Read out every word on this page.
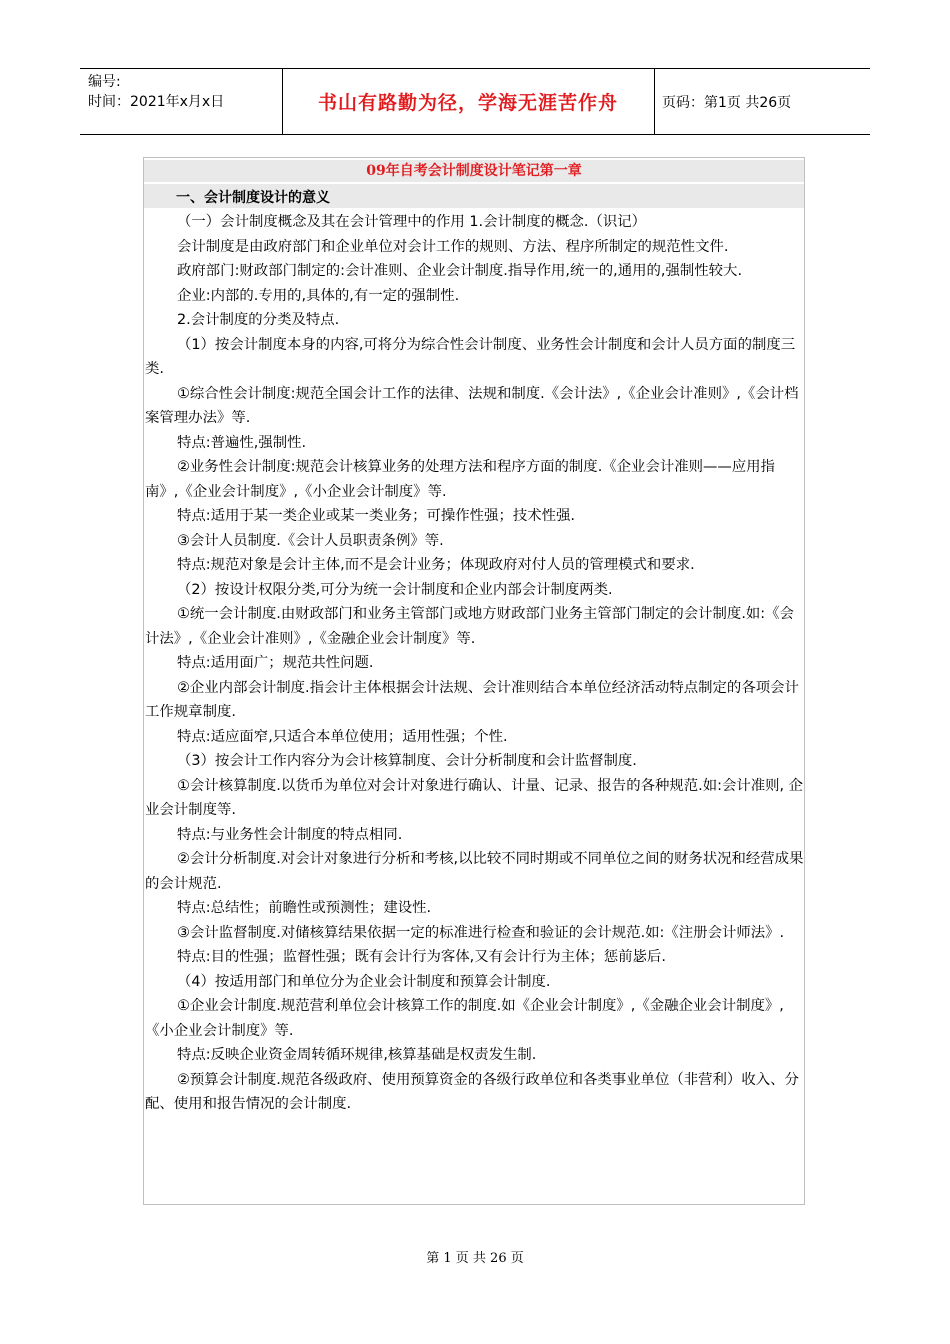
编号:
时间：2021年x月x日	书山有路勤为径，学海无涯苦作舟	页码：第1页 共26页
09年自考会计制度设计笔记第一章
一、会计制度设计的意义

（一）会计制度概念及其在会计管理中的作用 1.会计制度的概念.（识记）

会计制度是由政府部门和企业单位对会计工作的规则、方法、程序所制定的规范性文件.

政府部门:财政部门制定的:会计准则、企业会计制度.指导作用,统一的,通用的,强制性较大.

企业:内部的.专用的,具体的,有一定的强制性.

2.会计制度的分类及特点.

（1）按会计制度本身的内容,可将分为综合性会计制度、业务性会计制度和会计人员方面的制度三类.

①综合性会计制度:规范全国会计工作的法律、法规和制度.《会计法》,《企业会计准则》,《会计档案管理办法》等.

特点:普遍性,强制性.

②业务性会计制度:规范会计核算业务的处理方法和程序方面的制度.《企业会计准则——应用指南》,《企业会计制度》,《小企业会计制度》等.

特点:适用于某一类企业或某一类业务；可操作性强；技术性强.

③会计人员制度.《会计人员职责条例》等.

特点:规范对象是会计主体,而不是会计业务；体现政府对付人员的管理模式和要求.

（2）按设计权限分类,可分为统一会计制度和企业内部会计制度两类.

①统一会计制度.由财政部门和业务主管部门或地方财政部门业务主管部门制定的会计制度.如:《会计法》,《企业会计准则》,《金融企业会计制度》等.

特点:适用面广；规范共性问题.

②企业内部会计制度.指会计主体根据会计法规、会计准则结合本单位经济活动特点制定的各项会计工作规章制度.

特点:适应面窄,只适合本单位使用；适用性强；个性.

（3）按会计工作内容分为会计核算制度、会计分析制度和会计监督制度.

①会计核算制度.以货币为单位对会计对象进行确认、计量、记录、报告的各种规范.如:会计准则, 企业会计制度等.

特点:与业务性会计制度的特点相同.

②会计分析制度.对会计对象进行分析和考核,以比较不同时期或不同单位之间的财务状况和经营成果的会计规范.

特点:总结性；前瞻性或预测性；建设性.

③会计监督制度.对储核算结果依据一定的标准进行检查和验证的会计规范.如:《注册会计师法》.

特点:目的性强；监督性强；既有会计行为客体,又有会计行为主体；惩前毖后.

（4）按适用部门和单位分为企业会计制度和预算会计制度.

①企业会计制度.规范营利单位会计核算工作的制度.如《企业会计制度》,《金融企业会计制度》,《小企业会计制度》等.

特点:反映企业资金周转循环规律,核算基础是权责发生制.

②预算会计制度.规范各级政府、使用预算资金的各级行政单位和各类事业单位（非营利）收入、分配、使用和报告情况的会计制度.

第 1 页 共 26 页
